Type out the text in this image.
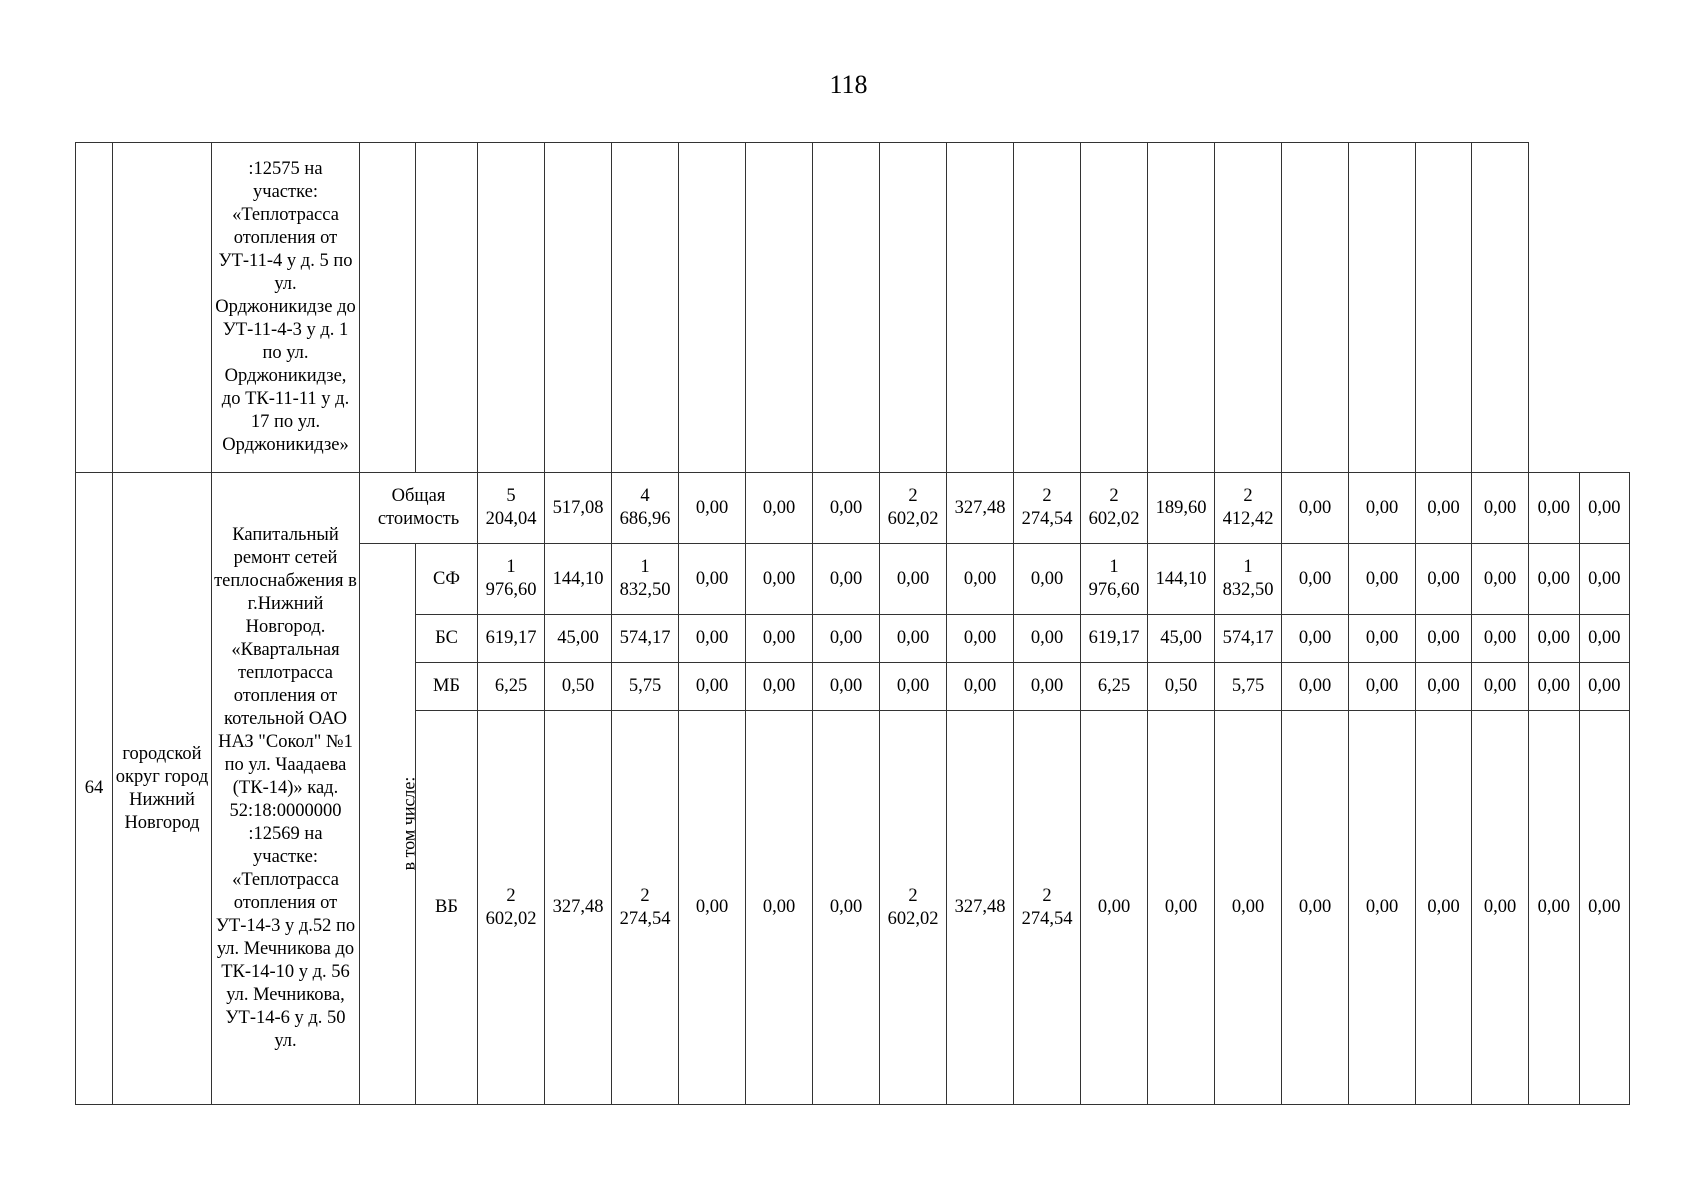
118
		:12575 на участке: «Теплотрасса отопления от УТ-11-4 у д. 5 по ул. Орджоникидзе до УТ-11-4-3 у д. 1 по ул. Орджоникидзе, до ТК-11-11 у д. 17 по ул. Орджоникидзе»																				
64	городской округ город Нижний Новгород	Капитальный ремонт сетей теплоснабжения в г.Нижний Новгород. «Квартальная теплотрасса отопления от котельной ОАО НАЗ "Сокол" №1 по ул. Чаадаева (ТК-14)» кад. 52:18:0000000 :12569 на участке: «Теплотрасса отопления от УТ-14-3 у д.52 по ул. Мечникова до ТК-14-10 у д. 56 ул. Мечникова, УТ-14-6 у д. 50 ул.	Общая стоимость		5 204,04	517,08	4 686,96	0,00	0,00	0,00	2 602,02	327,48	2 274,54	2 602,02	189,60	2 412,42	0,00	0,00	0,00	0,00	0,00	0,00
			в том числе:	СФ	1 976,60	144,10	1 832,50	0,00	0,00	0,00	0,00	0,00	0,00	1 976,60	144,10	1 832,50	0,00	0,00	0,00	0,00	0,00	0,00
				БС	619,17	45,00	574,17	0,00	0,00	0,00	0,00	0,00	0,00	619,17	45,00	574,17	0,00	0,00	0,00	0,00	0,00	0,00
				МБ	6,25	0,50	5,75	0,00	0,00	0,00	0,00	0,00	0,00	6,25	0,50	5,75	0,00	0,00	0,00	0,00	0,00	0,00
				ВБ	2 602,02	327,48	2 274,54	0,00	0,00	0,00	2 602,02	327,48	2 274,54	0,00	0,00	0,00	0,00	0,00	0,00	0,00	0,00	0,00
